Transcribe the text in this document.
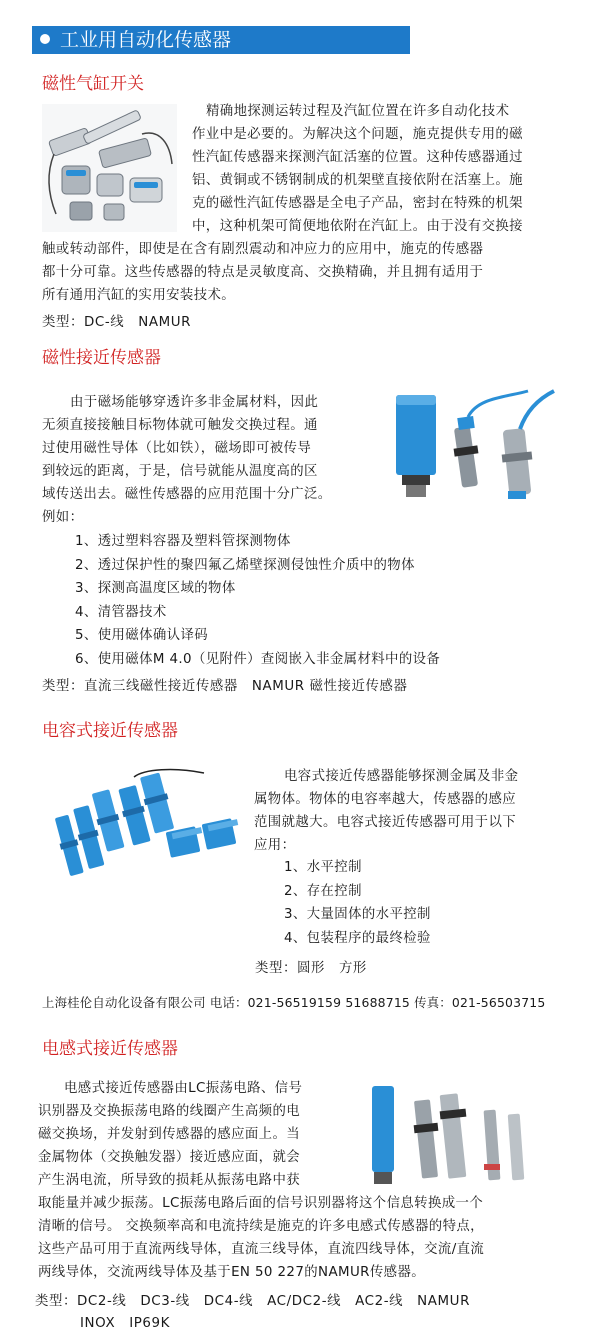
工业用自动化传感器
磁性气缸开关
精确地探测运转过程及汽缸位置在许多自动化技术
作业中是必要的。为解决这个问题，施克提供专用的磁
性汽缸传感器来探测汽缸活塞的位置。这种传感器通过
铝、黄铜或不锈钢制成的机架壁直接依附在活塞上。施
克的磁性汽缸传感器是全电子产品，密封在特殊的机架
中，这种机架可简便地依附在汽缸上。由于没有交换接
触或转动部件，即使是在含有剧烈震动和冲应力的应用中，施克的传感器
都十分可靠。这些传感器的特点是灵敏度高、交换精确，并且拥有适用于
所有通用汽缸的实用安装技术。
类型：DC-线　NAMUR
磁性接近传感器
由于磁场能够穿透许多非金属材料，因此
无须直接接触目标物体就可触发交换过程。通
过使用磁性导体（比如铁），磁场即可被传导
到较远的距离，于是，信号就能从温度高的区
域传送出去。磁性传感器的应用范围十分广泛。
例如：
1、透过塑料容器及塑料管探测物体
2、透过保护性的聚四氟乙烯壁探测侵蚀性介质中的物体
3、探测高温度区域的物体
4、清管器技术
5、使用磁体确认译码
6、使用磁体M 4.0（见附件）查阅嵌入非金属材料中的设备
类型：直流三线磁性接近传感器　NAMUR 磁性接近传感器
电容式接近传感器
电容式接近传感器能够探测金属及非金
属物体。物体的电容率越大，传感器的感应
范围就越大。电容式接近传感器可用于以下
应用：
1、水平控制
2、存在控制
3、大量固体的水平控制
4、包装程序的最终检验
类型：圆形　方形
上海桂伦自动化设备有限公司 电话：021-56519159 51688715 传真：021-56503715
电感式接近传感器
电感式接近传感器由LC振荡电路、信号
识别器及交换振荡电路的线圈产生高频的电
磁交换场，并发射到传感器的感应面上。当
金属物体（交换触发器）接近感应面，就会
产生涡电流，所导致的损耗从振荡电路中获
取能量并减少振荡。LC振荡电路后面的信号识别器将这个信息转换成一个
清晰的信号。 交换频率高和电流持续是施克的许多电感式传感器的特点，
这些产品可用于直流两线导体，直流三线导体，直流四线导体，交流/直流
两线导体，交流两线导体及基于EN 50 227的NAMUR传感器。
类型：DC2-线　DC3-线　DC4-线　AC/DC2-线　AC2-线　NAMUR
INOX　IP69K
